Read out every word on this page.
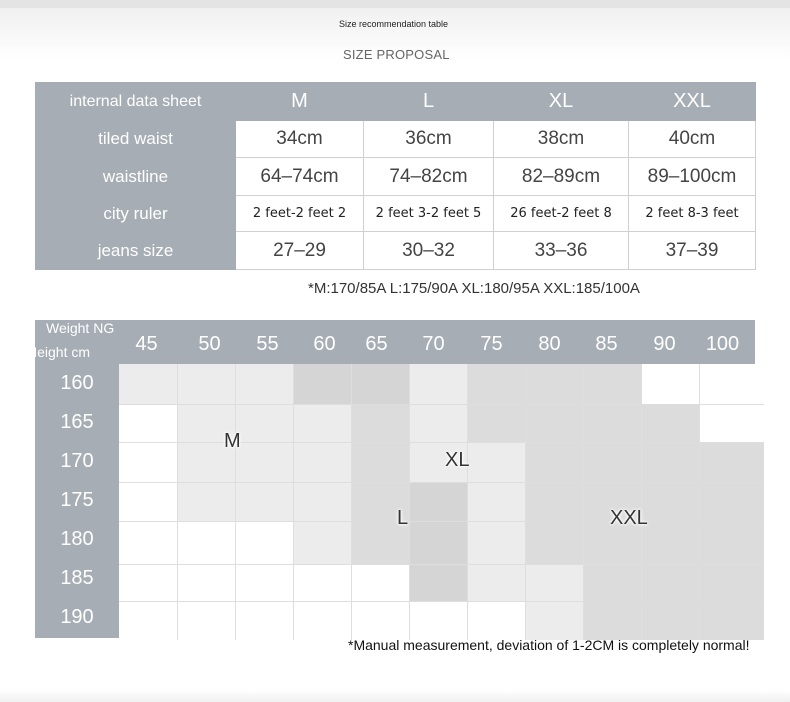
Size recommendation table
SIZE PROPOSAL
internal data sheet	M	L	XL	XXL
tiled waist	34cm	36cm	38cm	40cm
waistline	64–74cm	74–82cm	82–89cm	89–100cm
city ruler	2 feet-2 feet 2	2 feet 3-2 feet 5	26 feet-2 feet 8	2 feet 8-3 feet
jeans size	27–29	30–32	33–36	37–39
*M:170/85A L:175/90A XL:180/95A XXL:185/100A
Weight NG
Height cm	45	50	55	60	65	70	75	80	85	90	100
160
165
170
175
180
185
190
M
XL
L	XXL
*Manual measurement, deviation of 1-2CM is completely normal!
